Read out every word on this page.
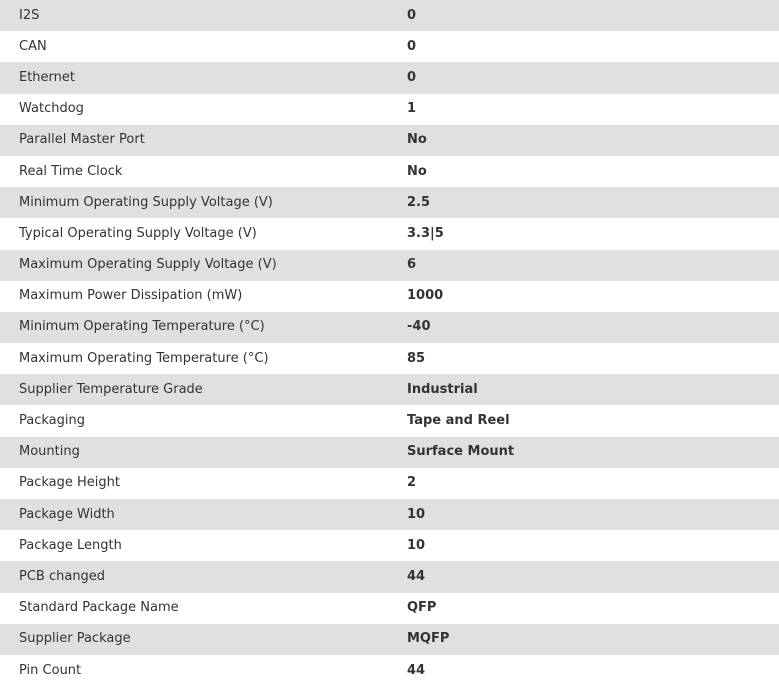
I2S	0
CAN	0
Ethernet	0
Watchdog	1
Parallel Master Port	No
Real Time Clock	No
Minimum Operating Supply Voltage (V)	2.5
Typical Operating Supply Voltage (V)	3.3|5
Maximum Operating Supply Voltage (V)	6
Maximum Power Dissipation (mW)	1000
Minimum Operating Temperature (°C)	-40
Maximum Operating Temperature (°C)	85
Supplier Temperature Grade	Industrial
Packaging	Tape and Reel
Mounting	Surface Mount
Package Height	2
Package Width	10
Package Length	10
PCB changed	44
Standard Package Name	QFP
Supplier Package	MQFP
Pin Count	44
